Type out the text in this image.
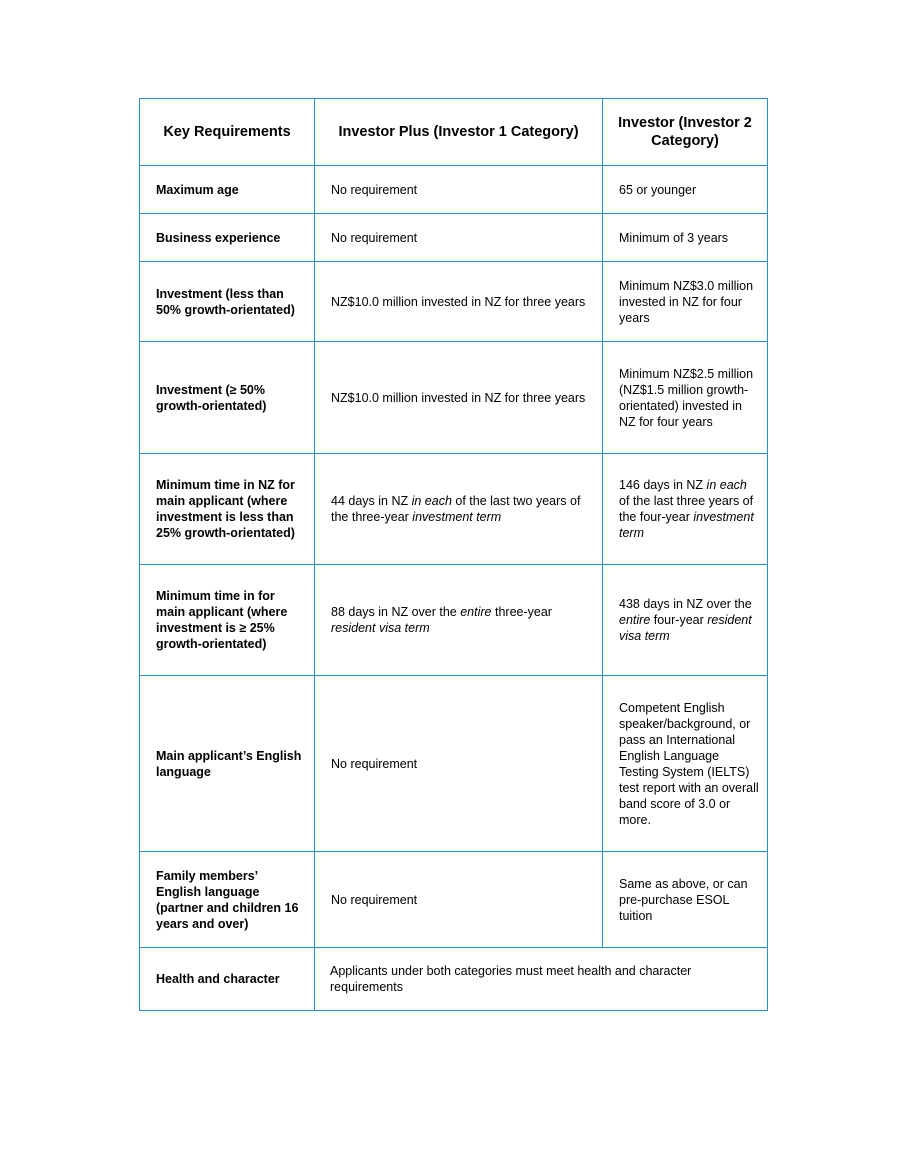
Key Requirements	Investor Plus (Investor 1 Category)	Investor (Investor 2 Category)
Maximum age	No requirement	65 or younger
Business experience	No requirement	Minimum of 3 years
Investment (less than 50% growth-orientated)	NZ$10.0 million invested in NZ for three years	Minimum NZ$3.0 million invested in NZ for four years
Investment (≥ 50% growth-orientated)	NZ$10.0 million invested in NZ for three years	Minimum NZ$2.5 million (NZ$1.5 million growth-orientated) invested in NZ for four years
Minimum time in NZ for main applicant (where investment is less than 25% growth-orientated)	44 days in NZ in each of the last two years of the three-year investment term	146 days in NZ in each of the last three years of the four-year investment term
Minimum time in for main applicant (where investment is ≥ 25% growth-orientated)	88 days in NZ over the entire three-year resident visa term	438 days in NZ over the entire four-year resident visa term
Main applicant’s English language	No requirement	Competent English speaker/background, or pass an International English Language Testing System (IELTS) test report with an overall band score of 3.0 or more.
Family members’ English language (partner and children 16 years and over)	No requirement	Same as above, or can pre-purchase ESOL tuition
Health and character	Applicants under both categories must meet health and character requirements	
